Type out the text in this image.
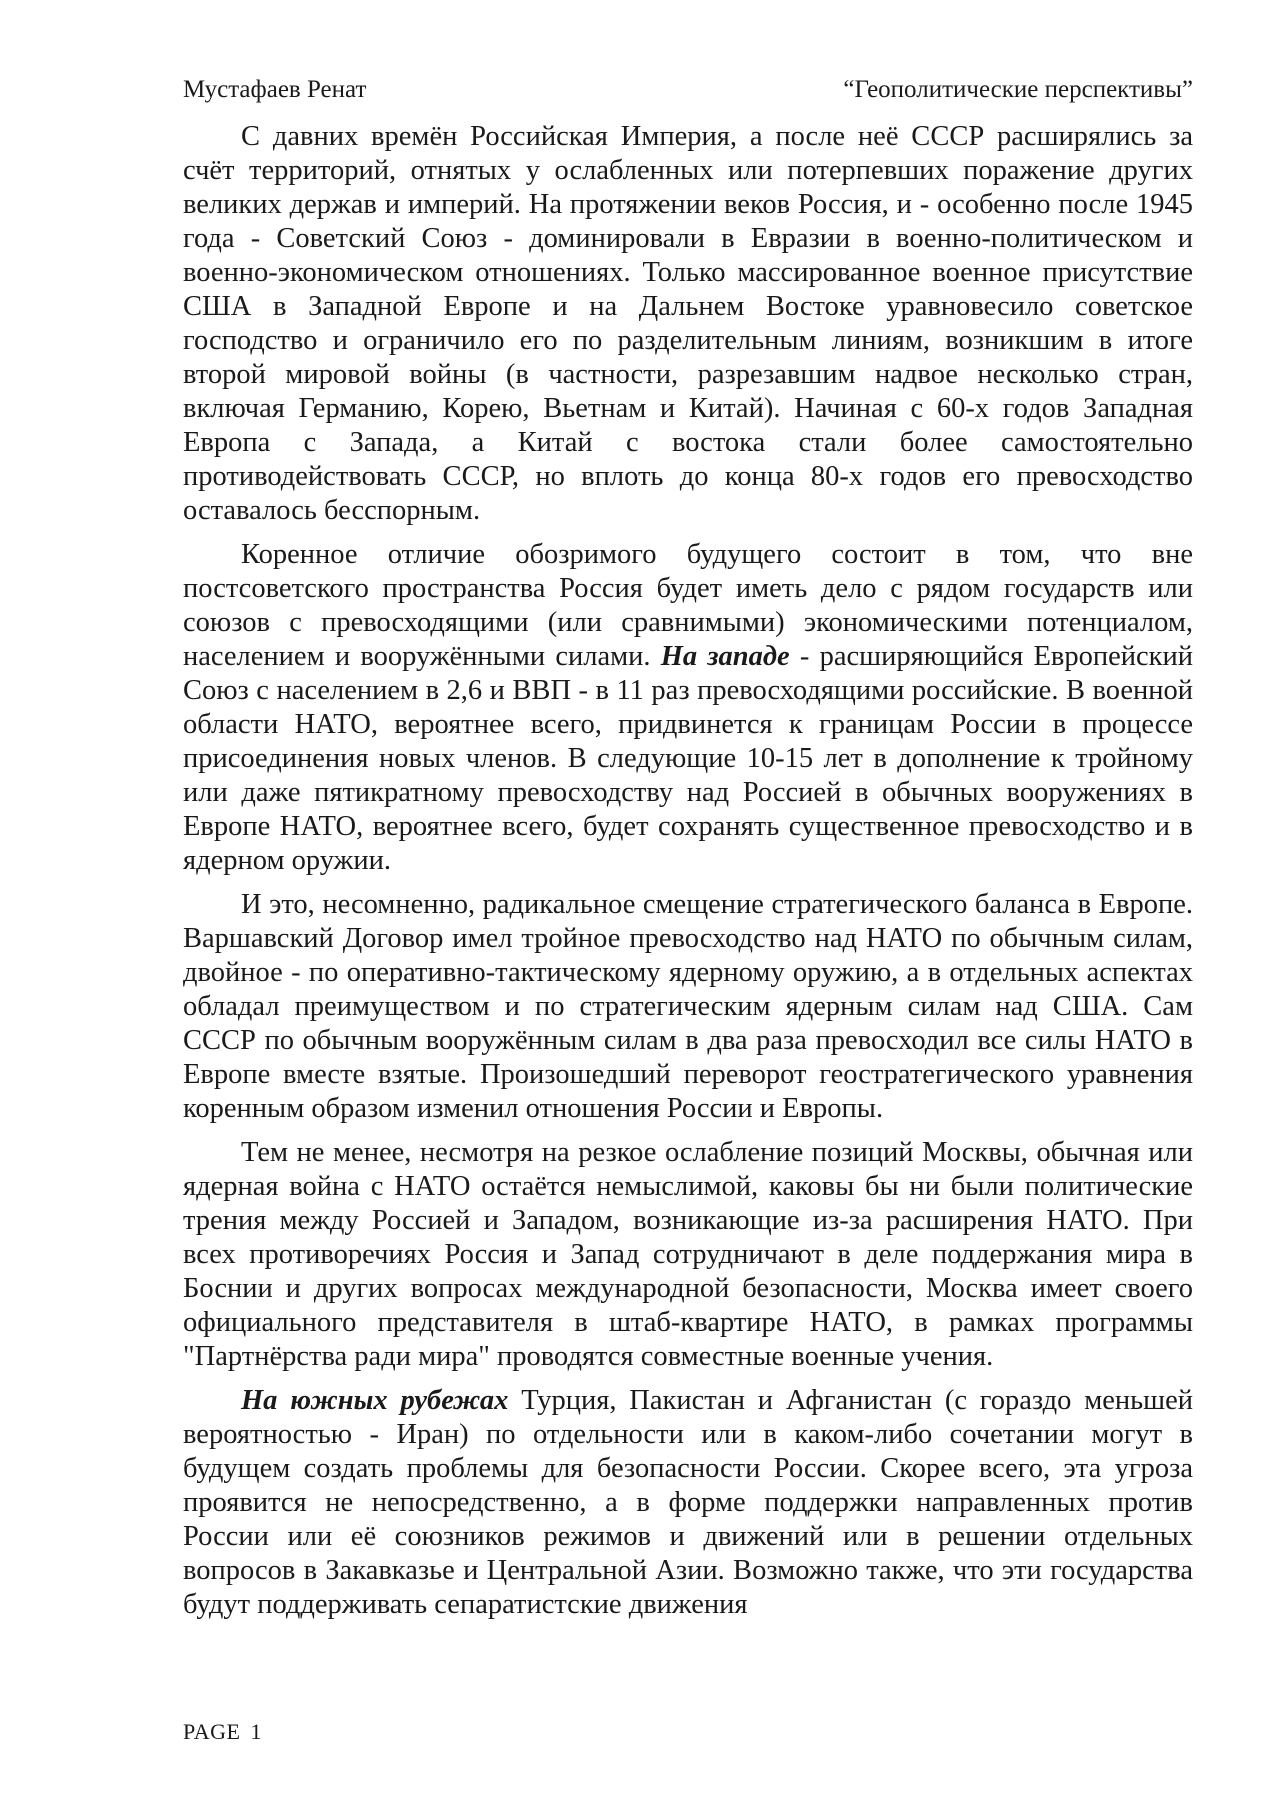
Мустафаев Ренат	“Геополитические перспективы”

С давних времён Российская Империя, а после неё СССР расширялись за счёт территорий, отнятых у ослабленных или потерпевших поражение других великих держав и империй. На протяжении веков Россия, и - особенно после 1945 года - Советский Союз - доминировали в Евразии в военно-политическом и военно-экономическом отношениях. Только массированное военное присутствие США в Западной Европе и на Дальнем Востоке уравновесило советское господство и ограничило его по разделительным линиям, возникшим в итоге второй мировой войны (в частности, разрезавшим надвое несколько стран, включая Германию, Корею, Вьетнам и Китай). Начиная с 60-х годов Западная Европа с Запада, а Китай с востока стали более самостоятельно противодействовать СССР, но вплоть до конца 80-х годов его превосходство оставалось бесспорным.

Коренное отличие обозримого будущего состоит в том, что вне постсоветского пространства Россия будет иметь дело с рядом государств или союзов с превосходящими (или сравнимыми) экономическими потенциалом, населением и вооружёнными силами. На западе - расширяющийся Европейский Союз с населением в 2,6 и ВВП - в 11 раз превосходящими российские. В военной области НАТО, вероятнее всего, придвинется к границам России в процессе присоединения новых членов. В следующие 10-15 лет в дополнение к тройному или даже пятикратному превосходству над Россией в обычных вооружениях в Европе НАТО, вероятнее всего, будет сохранять существенное превосходство и в ядерном оружии.

И это, несомненно, радикальное смещение стратегического баланса в Европе. Варшавский Договор имел тройное превосходство над НАТО по обычным силам, двойное - по оперативно-тактическому ядерному оружию, а в отдельных аспектах обладал преимуществом и по стратегическим ядерным силам над США. Сам СССР по обычным вооружённым силам в два раза превосходил все силы НАТО в Европе вместе взятые. Произошедший переворот геостратегического уравнения коренным образом изменил отношения России и Европы.

Тем не менее, несмотря на резкое ослабление позиций Москвы, обычная или ядерная война с НАТО остаётся немыслимой, каковы бы ни были политические трения между Россией и Западом, возникающие из-за расширения НАТО. При всех противоречиях Россия и Запад сотрудничают в деле поддержания мира в Боснии и других вопросах международной безопасности, Москва имеет своего официального представителя в штаб-квартире НАТО, в рамках программы "Партнёрства ради мира" проводятся совместные военные учения.

На южных рубежах Турция, Пакистан и Афганистан (с гораздо меньшей вероятностью - Иран) по отдельности или в каком-либо сочетании могут в будущем создать проблемы для безопасности России. Скорее всего, эта угроза проявится не непосредственно, а в форме поддержки направленных против России или её союзников режимов и движений или в решении отдельных вопросов в Закавказье и Центральной Азии. Возможно также, что эти государства будут поддерживать сепаратистские движения

PAGE 1
